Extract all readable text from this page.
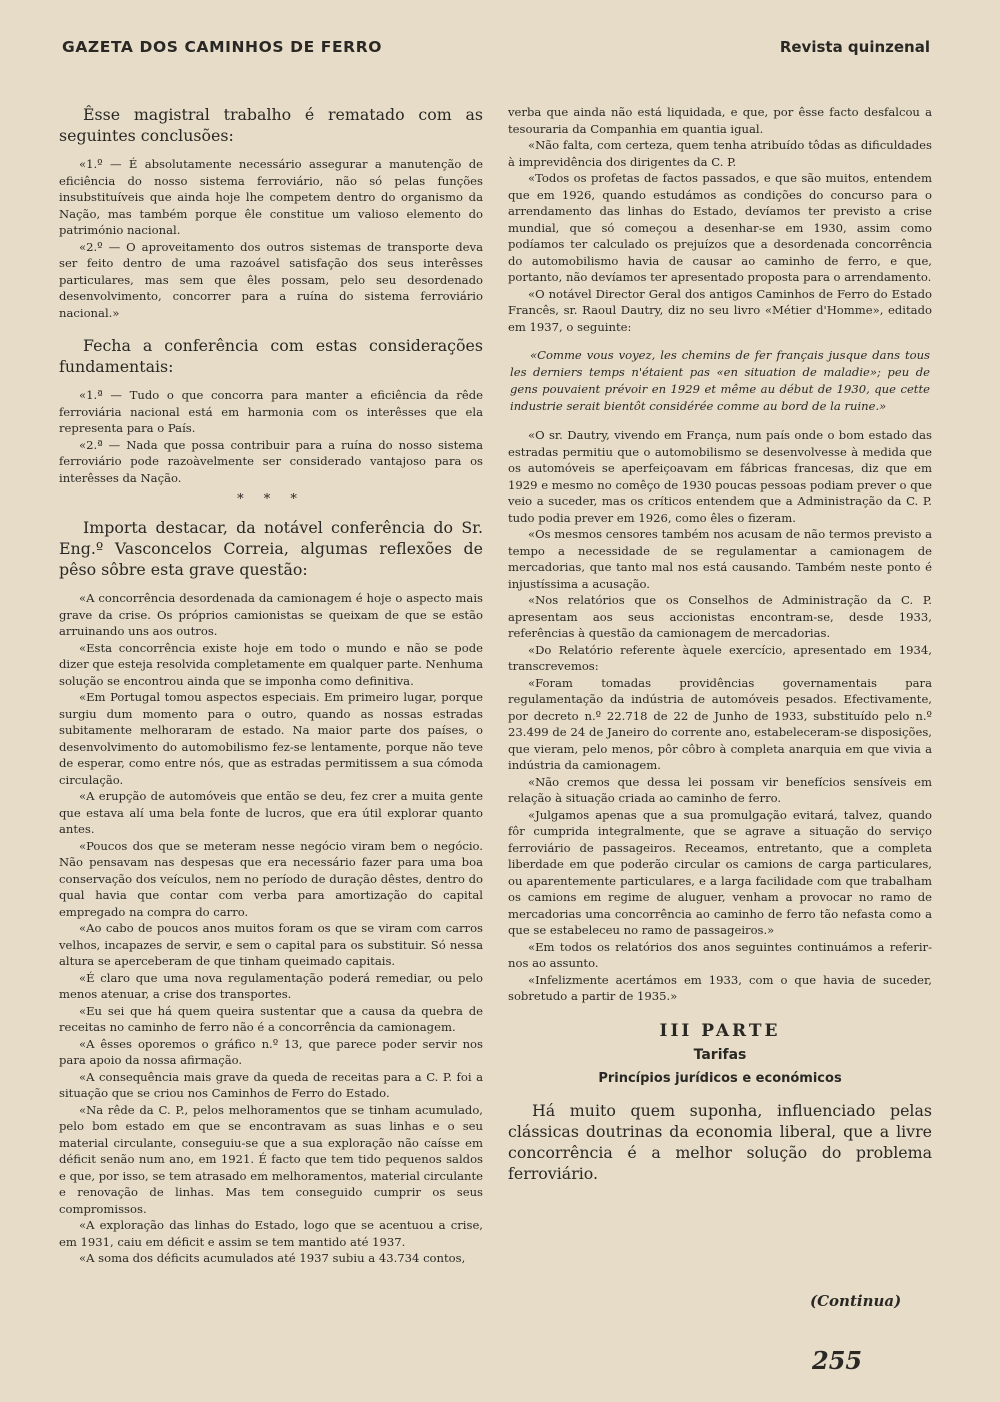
GAZETA DOS CAMINHOS DE FERRO	Revista quinzenal

Êsse magistral trabalho é rematado com as seguintes conclusões:

«1.º — É absolutamente necessário assegurar a manutenção de eficiência do nosso sistema ferroviário, não só pelas funções insubstituíveis que ainda hoje lhe competem dentro do organismo da Nação, mas também porque êle constitue um valioso elemento do património nacional.

«2.º — O aproveitamento dos outros sistemas de transporte deva ser feito dentro de uma razoável satisfação dos seus interêsses particulares, mas sem que êles possam, pelo seu desordenado desenvolvimento, concorrer para a ruína do sistema ferroviário nacional.»

Fecha a conferência com estas considerações fundamentais:

«1.ª — Tudo o que concorra para manter a eficiência da rêde ferroviária nacional está em harmonia com os interêsses que ela representa para o País.

«2.ª — Nada que possa contribuir para a ruína do nosso sistema ferroviário pode razoàvelmente ser considerado vantajoso para os interêsses da Nação.

* * *

Importa destacar, da notável conferência do Sr. Eng.º Vasconcelos Correia, algumas reflexões de pêso sôbre esta grave questão:

«A concorrência desordenada da camionagem é hoje o aspecto mais grave da crise. Os próprios camionistas se queixam de que se estão arruinando uns aos outros.

«Esta concorrência existe hoje em todo o mundo e não se pode dizer que esteja resolvida completamente em qualquer parte. Nenhuma solução se encontrou ainda que se imponha como definitiva.

«Em Portugal tomou aspectos especiais. Em primeiro lugar, porque surgiu dum momento para o outro, quando as nossas estradas subitamente melhoraram de estado. Na maior parte dos países, o desenvolvimento do automobilismo fez-se lentamente, porque não teve de esperar, como entre nós, que as estradas permitissem a sua cómoda circulação.

«A erupção de automóveis que então se deu, fez crer a muita gente que estava alí uma bela fonte de lucros, que era útil explorar quanto antes.

«Poucos dos que se meteram nesse negócio viram bem o negócio. Não pensavam nas despesas que era necessário fazer para uma boa conservação dos veículos, nem no período de duração dêstes, dentro do qual havia que contar com verba para amortização do capital empregado na compra do carro.

«Ao cabo de poucos anos muitos foram os que se viram com carros velhos, incapazes de servir, e sem o capital para os substituir. Só nessa altura se aperceberam de que tinham queimado capitais.

«É claro que uma nova regulamentação poderá remediar, ou pelo menos atenuar, a crise dos transportes.

«Eu sei que há quem queira sustentar que a causa da quebra de receitas no caminho de ferro não é a concorrência da camionagem.

«A êsses oporemos o gráfico n.º 13, que parece poder servir nos para apoio da nossa afirmação.

«A consequência mais grave da queda de receitas para a C. P. foi a situação que se criou nos Caminhos de Ferro do Estado.

«Na rêde da C. P., pelos melhoramentos que se tinham acumulado, pelo bom estado em que se encontravam as suas linhas e o seu material circulante, conseguiu-se que a sua exploração não caísse em déficit senão num ano, em 1921. É facto que tem tido pequenos saldos e que, por isso, se tem atrasado em melhoramentos, material circulante e renovação de linhas. Mas tem conseguido cumprir os seus compromissos.

«A exploração das linhas do Estado, logo que se acentuou a crise, em 1931, caiu em déficit e assim se tem mantido até 1937.

«A soma dos déficits acumulados até 1937 subiu a 43.734 contos,

verba que ainda não está liquidada, e que, por êsse facto desfalcou a tesouraria da Companhia em quantia igual.

«Não falta, com certeza, quem tenha atribuído tôdas as dificuldades à imprevidência dos dirigentes da C. P.

«Todos os profetas de factos passados, e que são muitos, entendem que em 1926, quando estudámos as condições do concurso para o arrendamento das linhas do Estado, devíamos ter previsto a crise mundial, que só começou a desenhar-se em 1930, assim como podíamos ter calculado os prejuízos que a desordenada concorrência do automobilismo havia de causar ao caminho de ferro, e que, portanto, não devíamos ter apresentado proposta para o arrendamento.

«O notável Director Geral dos antigos Caminhos de Ferro do Estado Francês, sr. Raoul Dautry, diz no seu livro «Métier d'Homme», editado em 1937, o seguinte:

«Comme vous voyez, les chemins de fer français jusque dans tous les derniers temps n'étaient pas «en situation de maladie»; peu de gens pouvaient prévoir en 1929 et même au début de 1930, que cette industrie serait bientôt considérée comme au bord de la ruine.»

«O sr. Dautry, vivendo em França, num país onde o bom estado das estradas permitiu que o automobilismo se desenvolvesse à medida que os automóveis se aperfeiçoavam em fábricas francesas, diz que em 1929 e mesmo no comêço de 1930 poucas pessoas podiam prever o que veio a suceder, mas os críticos entendem que a Administração da C. P. tudo podia prever em 1926, como êles o fizeram.

«Os mesmos censores também nos acusam de não termos previsto a tempo a necessidade de se regulamentar a camionagem de mercadorias, que tanto mal nos está causando. Também neste ponto é injustíssima a acusação.

«Nos relatórios que os Conselhos de Administração da C. P. apresentam aos seus accionistas encontram-se, desde 1933, referências à questão da camionagem de mercadorias.

«Do Relatório referente àquele exercício, apresentado em 1934, transcrevemos:

«Foram tomadas providências governamentais para regulamentação da indústria de automóveis pesados. Efectivamente, por decreto n.º 22.718 de 22 de Junho de 1933, substituído pelo n.º 23.499 de 24 de Janeiro do corrente ano, estabeleceram-se disposições, que vieram, pelo menos, pôr côbro à completa anarquia em que vivia a indústria da camionagem.

«Não cremos que dessa lei possam vir benefícios sensíveis em relação à situação criada ao caminho de ferro.

«Julgamos apenas que a sua promulgação evitará, talvez, quando fôr cumprida integralmente, que se agrave a situação do serviço ferroviário de passageiros. Receamos, entretanto, que a completa liberdade em que poderão circular os camions de carga particulares, ou aparentemente particulares, e a larga facilidade com que trabalham os camions em regime de aluguer, venham a provocar no ramo de mercadorias uma concorrência ao caminho de ferro tão nefasta como a que se estabeleceu no ramo de passageiros.»

«Em todos os relatórios dos anos seguintes continuámos a referir-nos ao assunto.

«Infelizmente acertámos em 1933, com o que havia de suceder, sobretudo a partir de 1935.»

III PARTE
Tarifas
Princípios jurídicos e económicos

Há muito quem suponha, influenciado pelas clássicas doutrinas da economia liberal, que a livre concorrência é a melhor solução do problema ferroviário.

(Continua)
255
